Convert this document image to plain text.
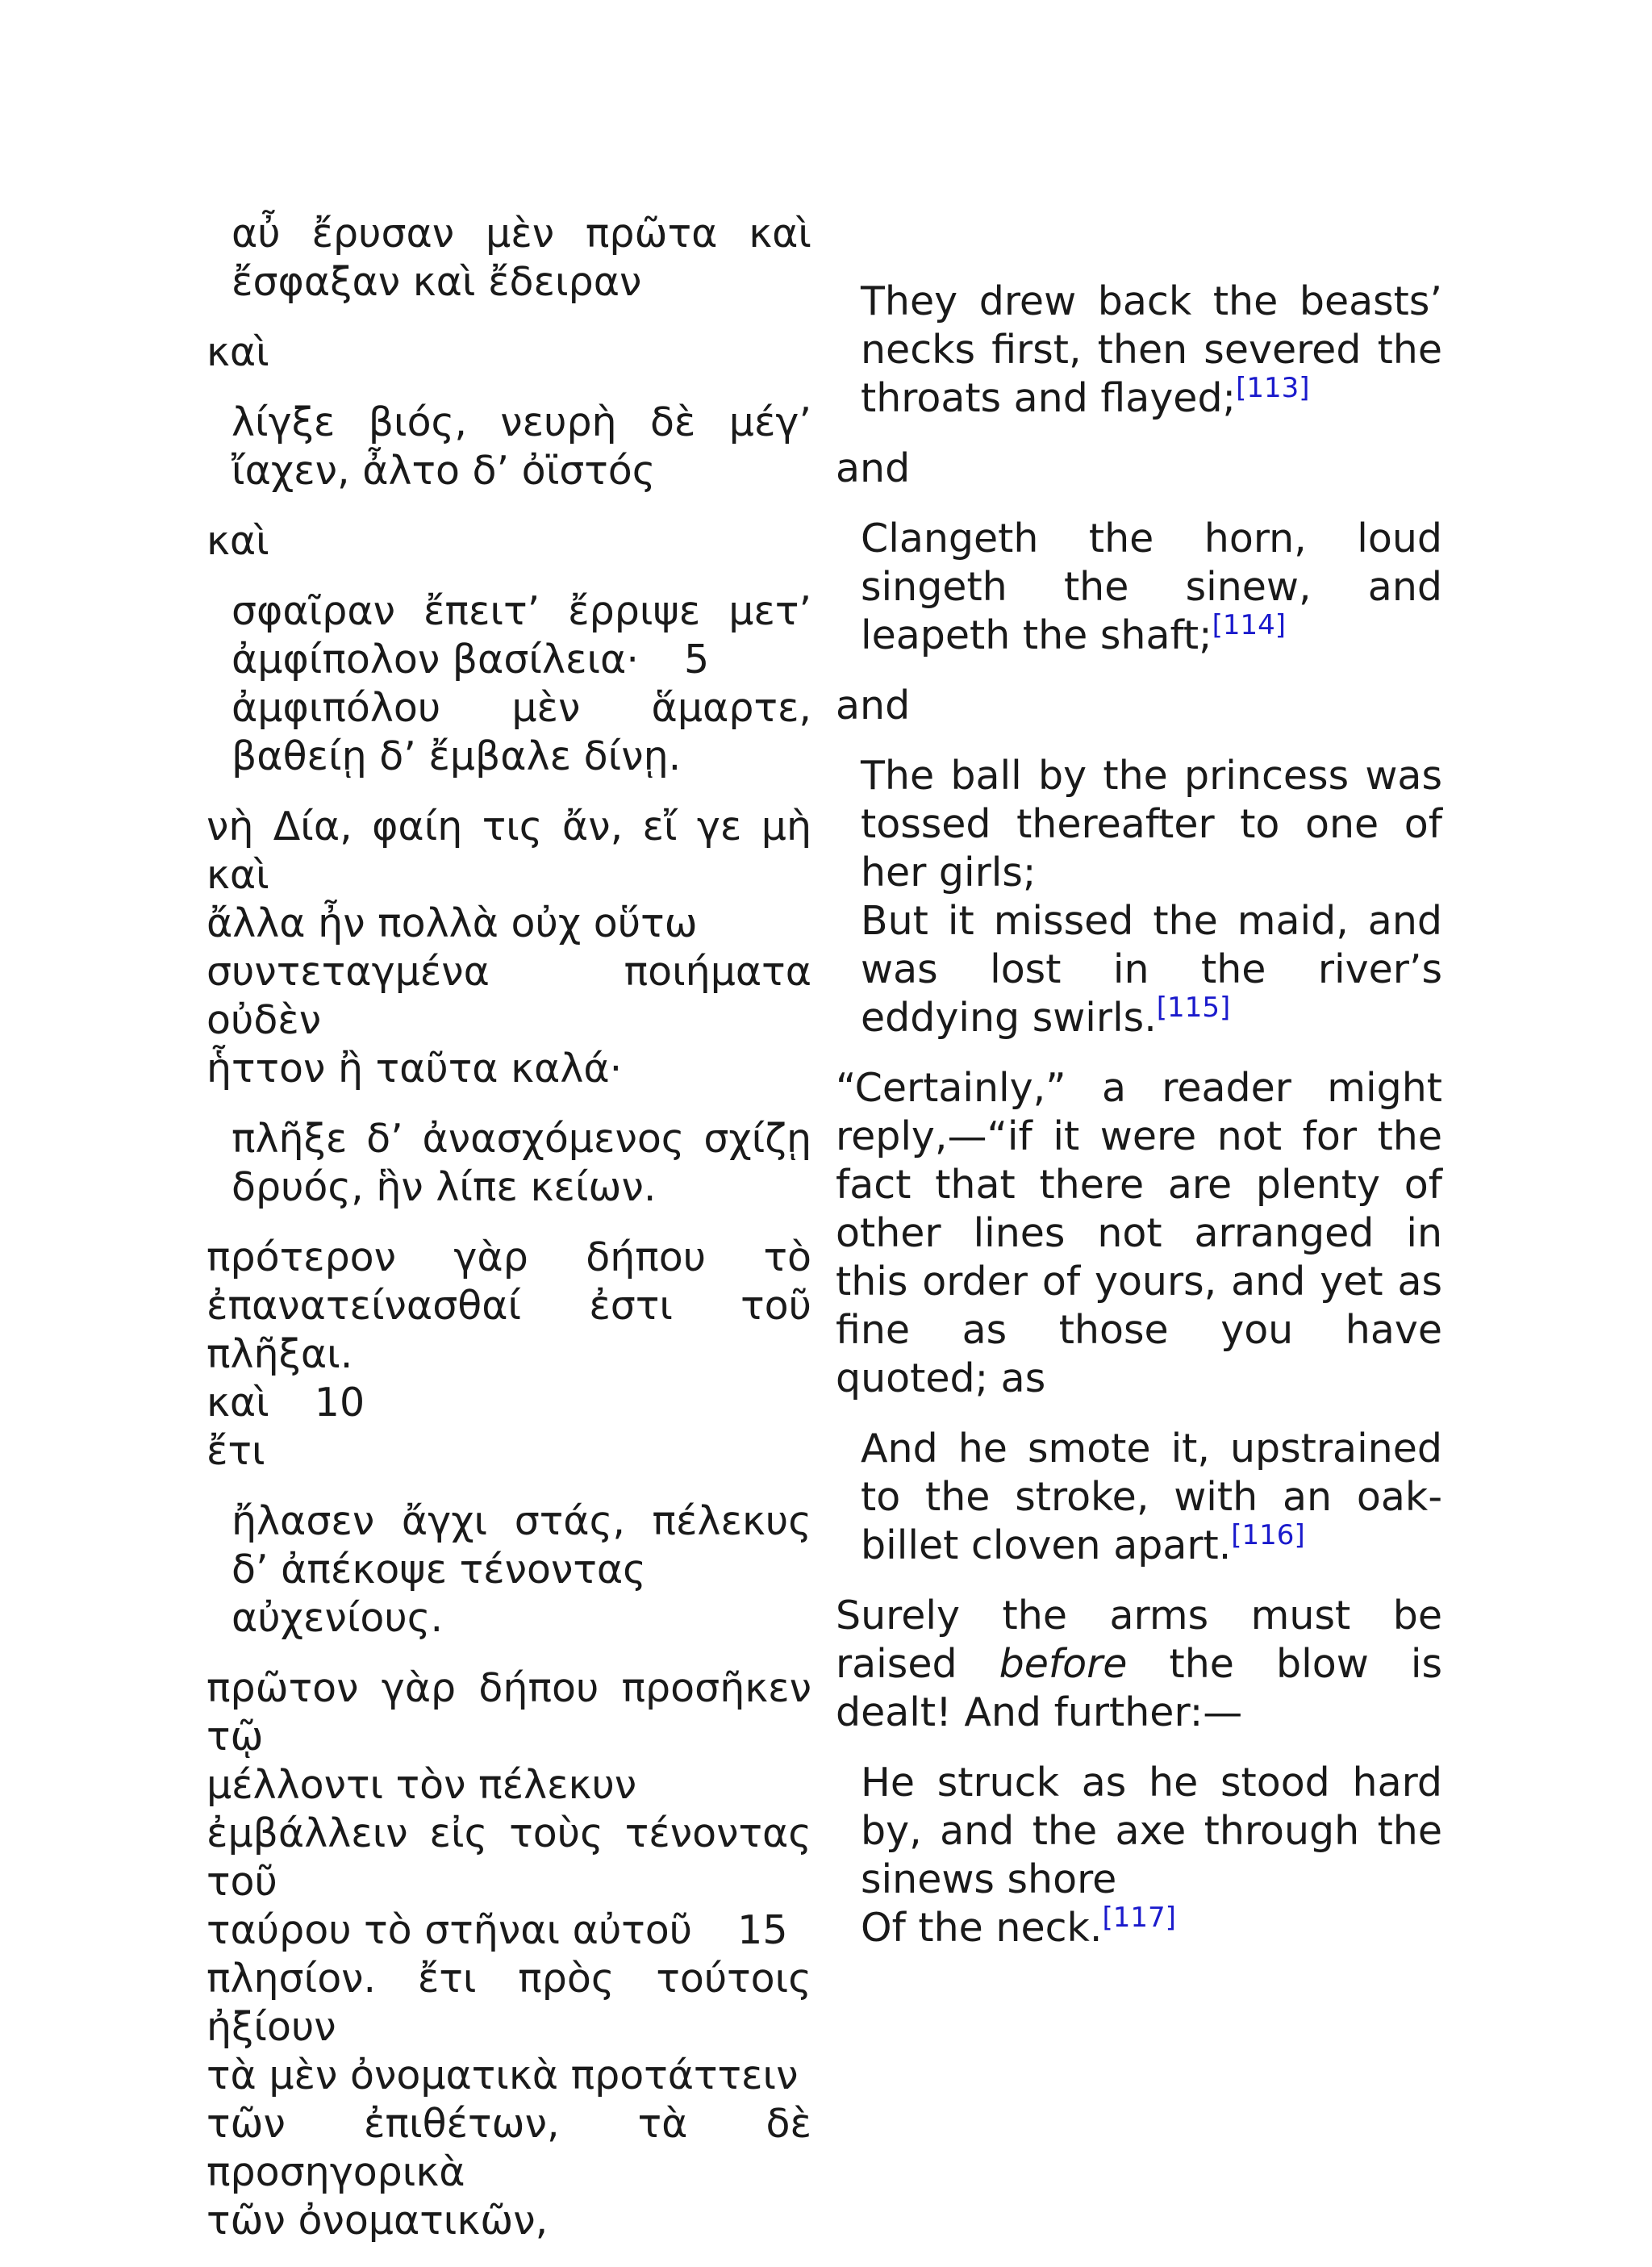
αὖ ἔρυσαν μὲν πρῶτα καὶ ἔσφαξαν καὶ ἔδειραν
καὶ
λίγξε βιός, νευρὴ δὲ μέγ’ ἴαχεν, ἆλτο δ’ ὀϊστός
καὶ
σφαῖραν ἔπειτ’ ἔρριψε μετ’ ἀμφίπολον βασίλεια· 5
ἀμφιπόλου μὲν ἅμαρτε, βαθείῃ δ’ ἔμβαλε δίνῃ.
νὴ Δία, φαίη τις ἄν, εἴ γε μὴ καὶ
ἄλλα ἦν πολλὰ οὐχ οὕτω
συντεταγμένα ποιήματα οὐδὲν
ἧττον ἢ ταῦτα καλά·
πλῆξε δ’ ἀνασχόμενος σχίζῃ δρυός, ἣν λίπε κείων.
πρότερον γὰρ δήπου τὸ ἐπανατείνασθαί ἐστι τοῦ πλῆξαι.
καὶ 10
ἔτι
ἤλασεν ἄγχι στάς, πέλεκυς δ’ ἀπέκοψε τένοντας
αὐχενίους.
πρῶτον γὰρ δήπου προσῆκεν τῷ
μέλλοντι τὸν πέλεκυν
ἐμβάλλειν εἰς τοὺς τένοντας τοῦ
ταύρου τὸ στῆναι αὐτοῦ 15
πλησίον. ἔτι πρὸς τούτοις ἠξίουν
τὰ μὲν ὀνοματικὰ προτάττειν
τῶν ἐπιθέτων, τὰ δὲ προσηγορικὰ
τῶν ὀνοματικῶν,
They drew back the beasts’ necks first, then severed the throats and flayed;[113]
and
Clangeth the horn, loud singeth the sinew, and leapeth the shaft;[114]
and
The ball by the princess was tossed thereafter to one of her girls;
But it missed the maid, and was lost in the river’s eddying swirls.[115]
“Certainly,” a reader might reply,—“if it were not for the fact that there are plenty of other lines not arranged in this order of yours, and yet as fine as those you have quoted; as
And he smote it, upstrained to the stroke, with an oak-billet cloven apart.[116]
Surely the arms must be raised before the blow is dealt! And further:—
He struck as he stood hard by, and the axe through the sinews shore
Of the neck.[117]
